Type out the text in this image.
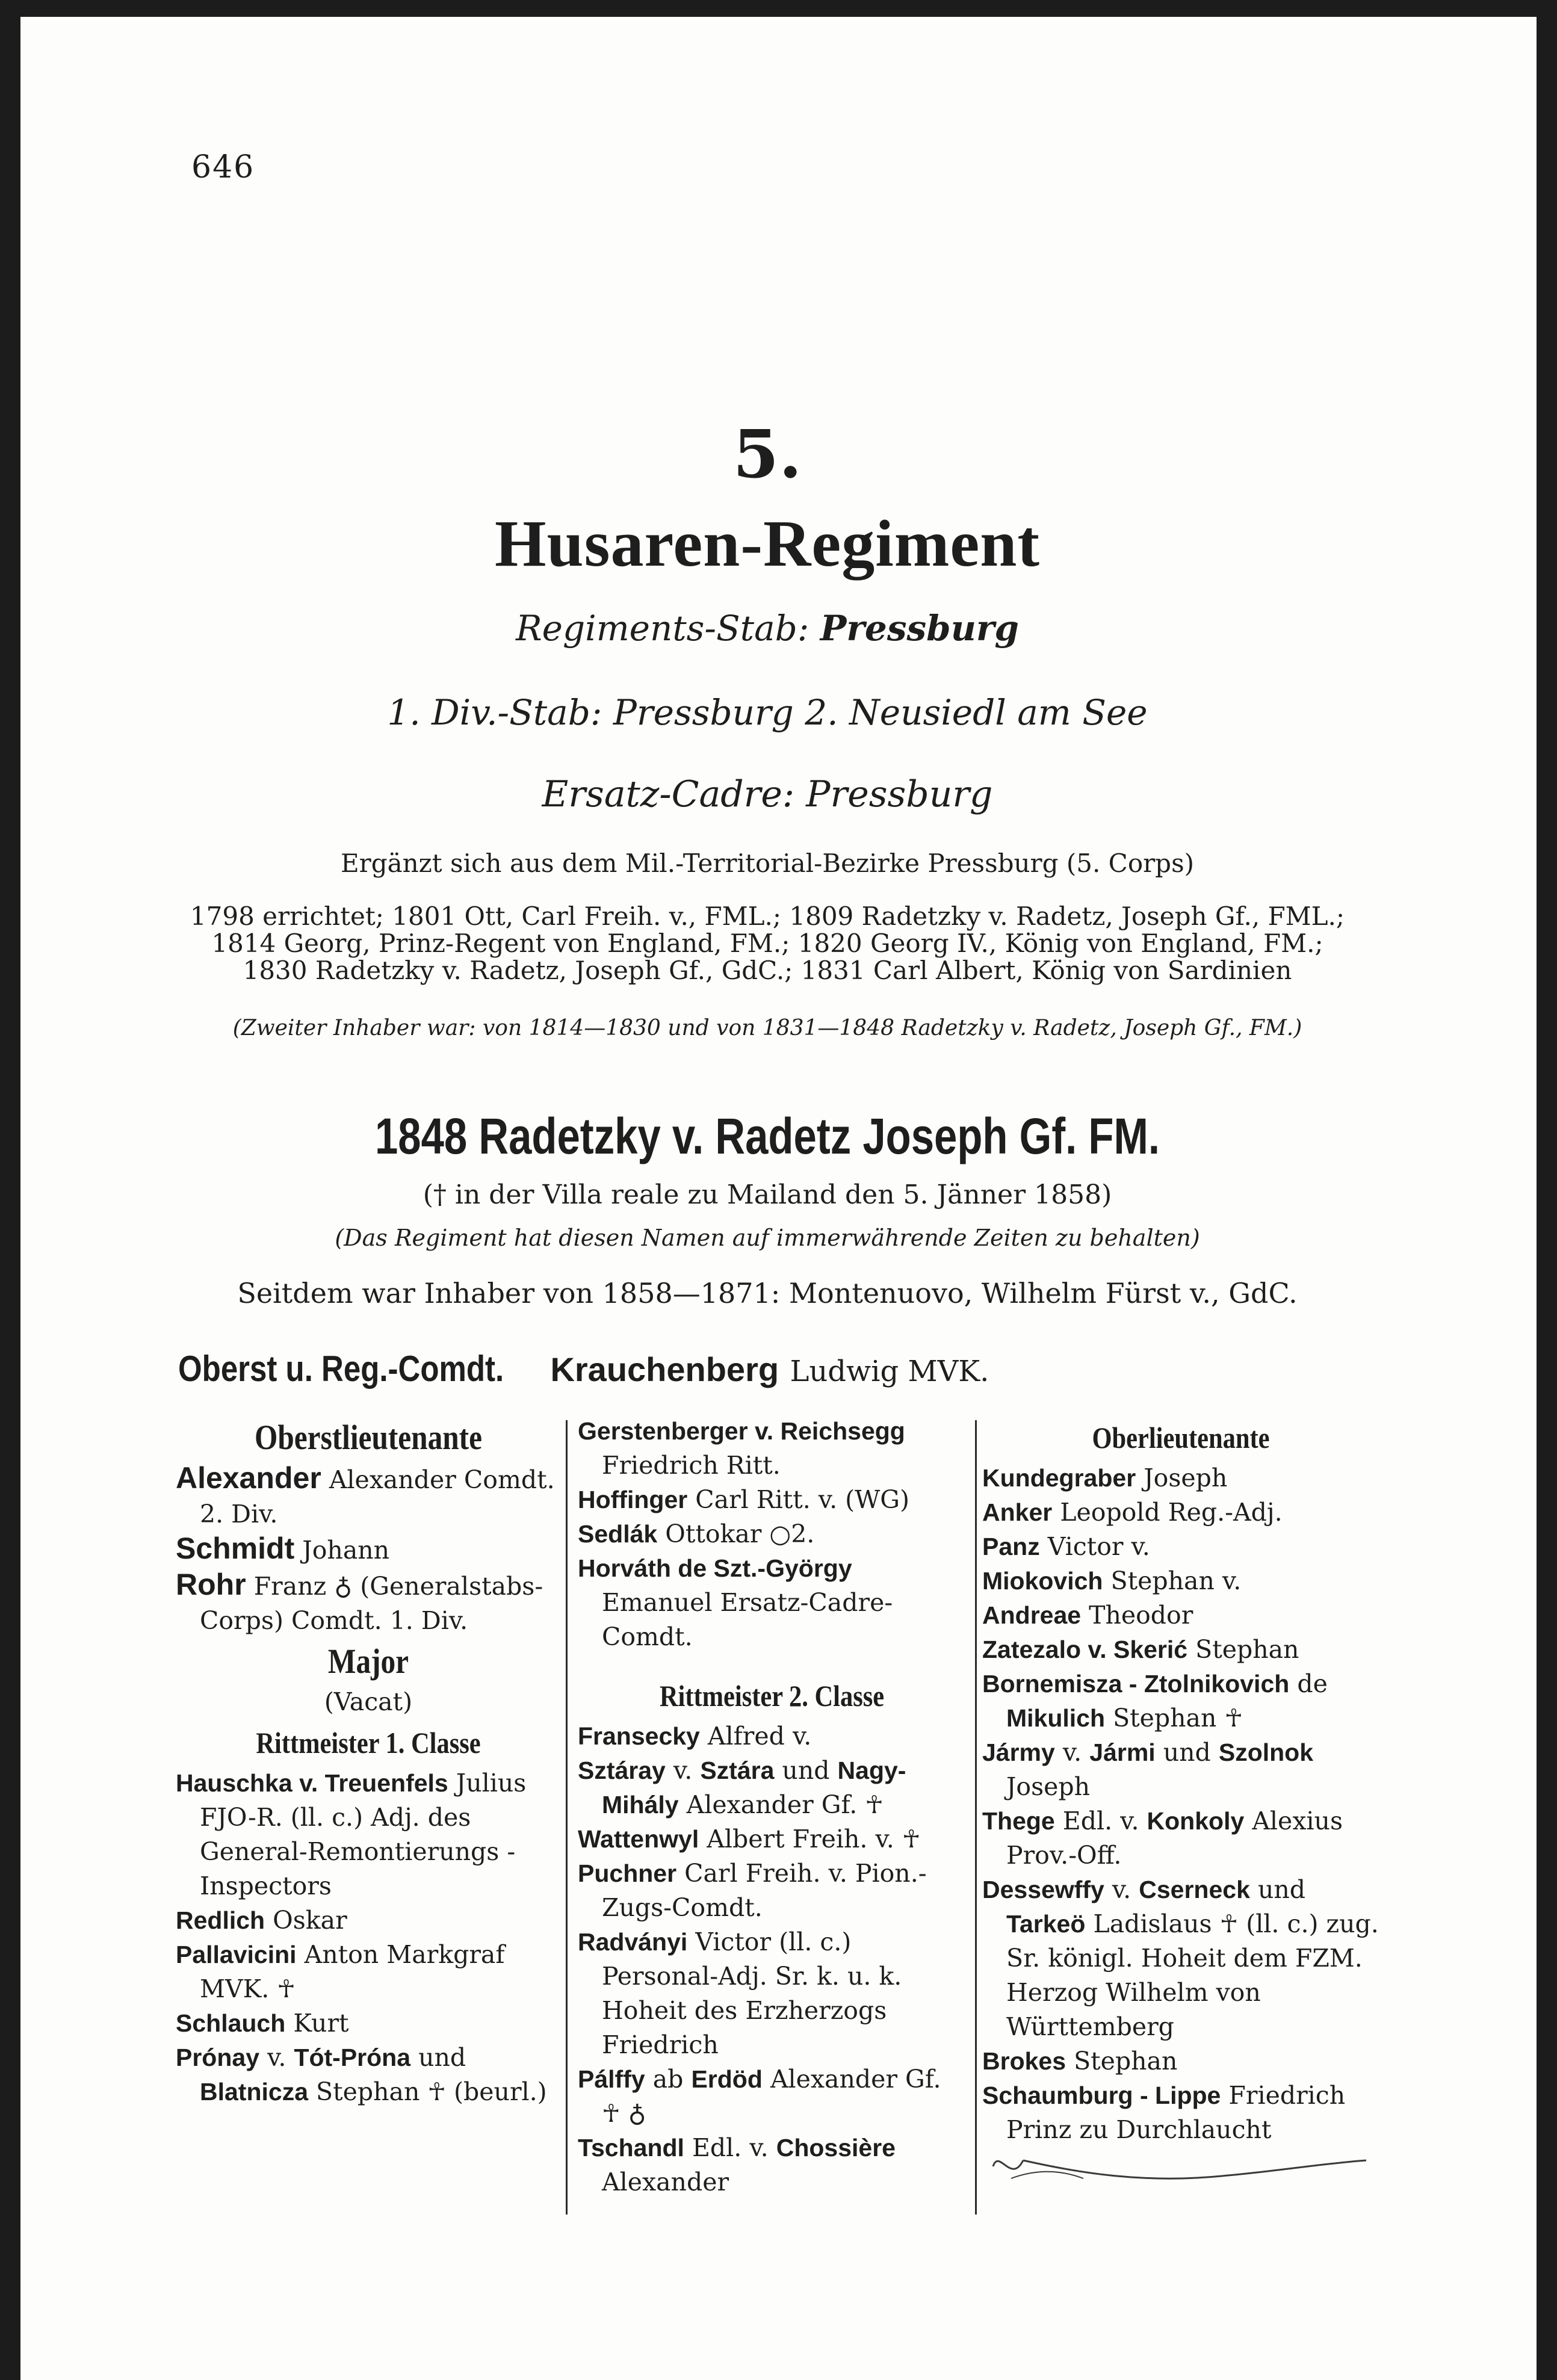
646
5.
Husaren-Regiment
Regiments-Stab: Pressburg
1. Div.-Stab: Pressburg 2. Neusiedl am See
Ersatz-Cadre: Pressburg
Ergänzt sich aus dem Mil.-Territorial-Bezirke Pressburg (5. Corps)
1798 errichtet; 1801 Ott, Carl Freih. v., FML.; 1809 Radetzky v. Radetz, Joseph Gf., FML.;
1814 Georg, Prinz-Regent von England, FM.; 1820 Georg IV., König von England, FM.;
1830 Radetzky v. Radetz, Joseph Gf., GdC.; 1831 Carl Albert, König von Sardinien
(Zweiter Inhaber war: von 1814—1830 und von 1831—1848 Radetzky v. Radetz, Joseph Gf., FM.)
1848 Radetzky v. Radetz Joseph Gf. FM.
(† in der Villa reale zu Mailand den 5. Jänner 1858)
(Das Regiment hat diesen Namen auf immerwährende Zeiten zu behalten)
Seitdem war Inhaber von 1858—1871: Montenuovo, Wilhelm Fürst v., GdC.
Oberst u. Reg.-Comdt. Krauchenberg Ludwig MVK.
Oberstlieutenante
Alexander Alexander Comdt. 2. Div.
Schmidt Johann
Rohr Franz ♁ (Generalstabs-Corps) Comdt. 1. Div.
Major
(Vacat)
Rittmeister 1. Classe
Hauschka v. Treuenfels Julius FJO-R. (ll. c.) Adj. des General-Remontierungs - Inspectors
Redlich Oskar
Pallavicini Anton Markgraf MVK. ☥
Schlauch Kurt
Prónay v. Tót-Próna und Blatnicza Stephan ☥ (beurl.)
Gerstenberger v. Reichsegg Friedrich Ritt.
Hoffinger Carl Ritt. v. (WG)
Sedlák Ottokar ○2.
Horváth de Szt.-György Emanuel Ersatz-Cadre-Comdt.
Rittmeister 2. Classe
Fransecky Alfred v.
Sztáray v. Sztára und Nagy-Mihály Alexander Gf. ☥
Wattenwyl Albert Freih. v. ☥
Puchner Carl Freih. v. Pion.-Zugs-Comdt.
Radványi Victor (ll. c.) Personal-Adj. Sr. k. u. k. Hoheit des Erzherzogs Friedrich
Pálffy ab Erdöd Alexander Gf. ☥ ♁
Tschandl Edl. v. Chossière Alexander
Oberlieutenante
Kundegraber Joseph
Anker Leopold Reg.-Adj.
Panz Victor v.
Miokovich Stephan v.
Andreae Theodor
Zatezalo v. Skerić Stephan
Bornemisza - Ztolnikovich de Mikulich Stephan ☥
Jármy v. Jármi und Szolnok Joseph
Thege Edl. v. Konkoly Alexius Prov.-Off.
Dessewffy v. Cserneck und Tarkeö Ladislaus ☥ (ll. c.) zug. Sr. königl. Hoheit dem FZM. Herzog Wilhelm von Württemberg
Brokes Stephan
Schaumburg - Lippe Friedrich Prinz zu Durchlaucht
